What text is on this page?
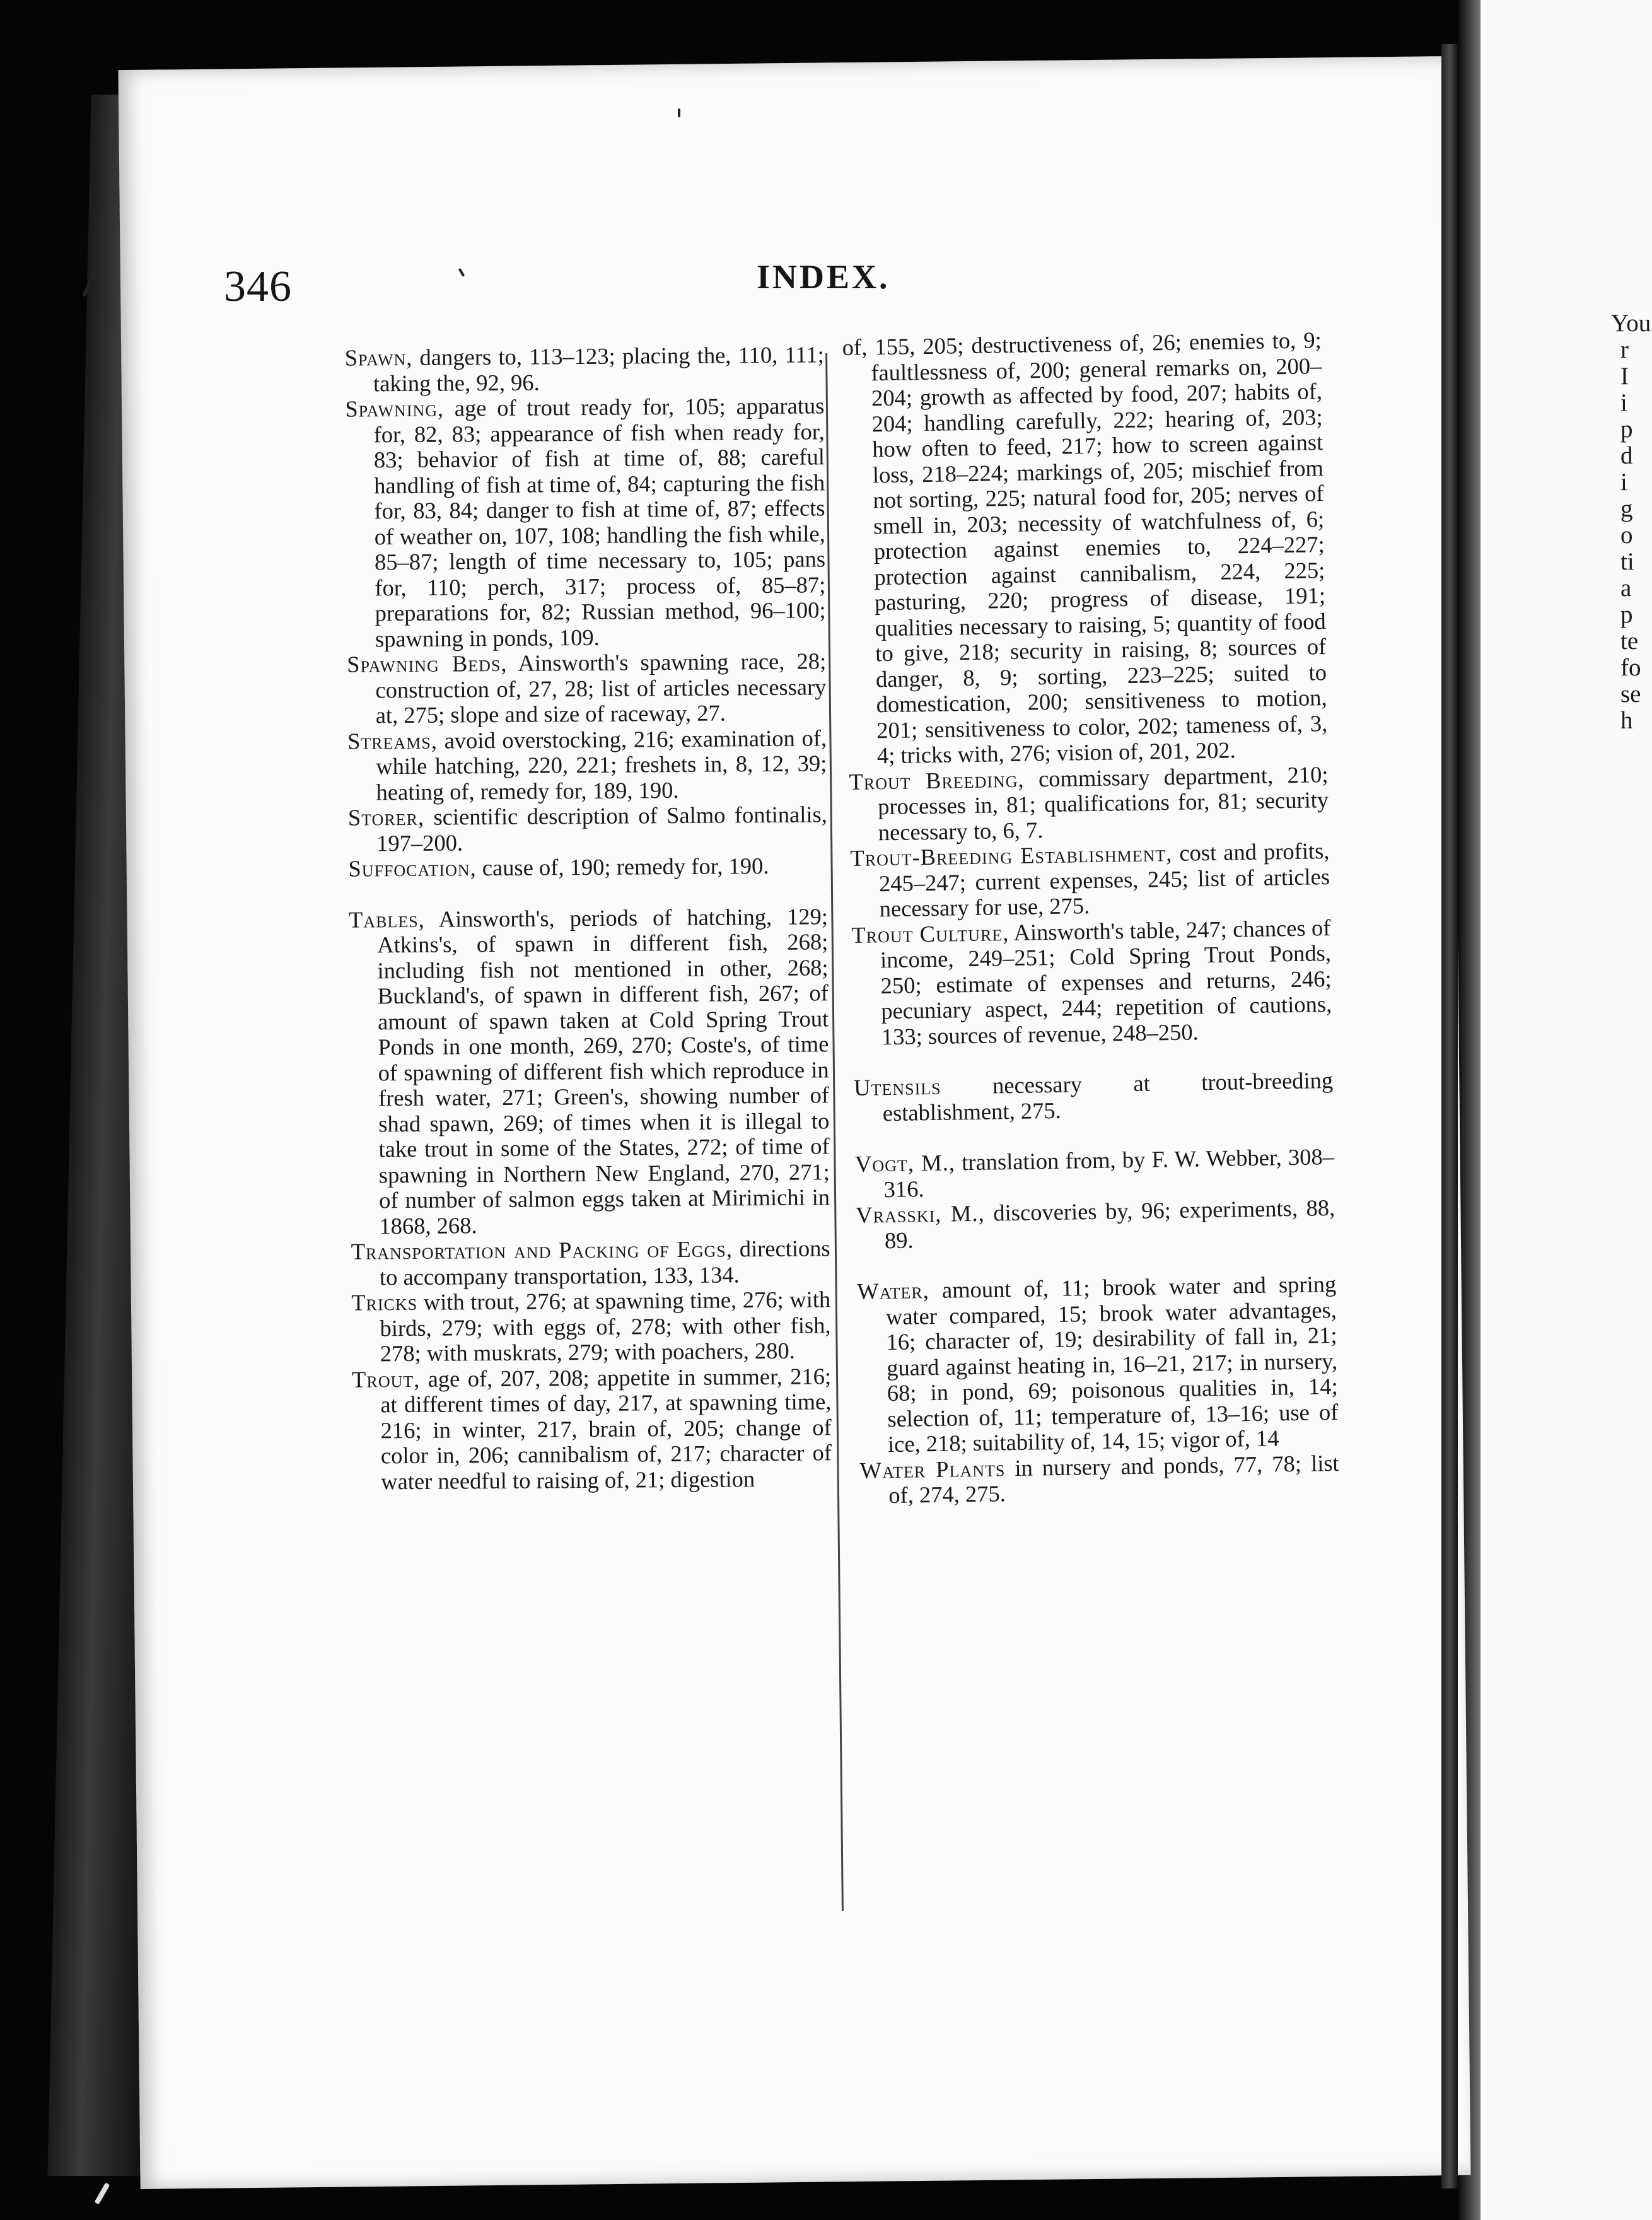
346	INDEX.

Spawn, dangers to, 113–123; placing the, 110, 111; taking the, 92, 96.

Spawning, age of trout ready for, 105; apparatus for, 82, 83; appearance of fish when ready for, 83; behavior of fish at time of, 88; careful handling of fish at time of, 84; capturing the fish for, 83, 84; danger to fish at time of, 87; effects of weather on, 107, 108; handling the fish while, 85–87; length of time necessary to, 105; pans for, 110; perch, 317; process of, 85–87; preparations for, 82; Russian method, 96–100; spawning in ponds, 109.

Spawning Beds, Ainsworth's spawning race, 28; construction of, 27, 28; list of articles necessary at, 275; slope and size of raceway, 27.

Streams, avoid overstocking, 216; examination of, while hatching, 220, 221; freshets in, 8, 12, 39; heating of, remedy for, 189, 190.

Storer, scientific description of Salmo fontinalis, 197–200.

Suffocation, cause of, 190; remedy for, 190.

Tables, Ainsworth's, periods of hatching, 129; Atkins's, of spawn in different fish, 268; including fish not mentioned in other, 268; Buckland's, of spawn in different fish, 267; of amount of spawn taken at Cold Spring Trout Ponds in one month, 269, 270; Coste's, of time of spawning of different fish which reproduce in fresh water, 271; Green's, showing number of shad spawn, 269; of times when it is illegal to take trout in some of the States, 272; of time of spawning in Northern New England, 270, 271; of number of salmon eggs taken at Mirimichi in 1868, 268.

Transportation and Packing of Eggs, directions to accompany transportation, 133, 134.

Tricks with trout, 276; at spawning time, 276; with birds, 279; with eggs of, 278; with other fish, 278; with muskrats, 279; with poachers, 280.

Trout, age of, 207, 208; appetite in summer, 216; at different times of day, 217, at spawning time, 216; in winter, 217, brain of, 205; change of color in, 206; cannibalism of, 217; character of water needful to raising of, 21; digestion

of, 155, 205; destructiveness of, 26; enemies to, 9; faultlessness of, 200; general remarks on, 200–204; growth as affected by food, 207; habits of, 204; handling carefully, 222; hearing of, 203; how often to feed, 217; how to screen against loss, 218–224; markings of, 205; mischief from not sorting, 225; natural food for, 205; nerves of smell in, 203; necessity of watchfulness of, 6; protection against enemies to, 224–227; protection against cannibalism, 224, 225; pasturing, 220; progress of disease, 191; qualities necessary to raising, 5; quantity of food to give, 218; security in raising, 8; sources of danger, 8, 9; sorting, 223–225; suited to domestication, 200; sensitiveness to motion, 201; sensitiveness to color, 202; tameness of, 3, 4; tricks with, 276; vision of, 201, 202.

Trout Breeding, commissary department, 210; processes in, 81; qualifications for, 81; security necessary to, 6, 7.

Trout-Breeding Establishment, cost and profits, 245–247; current expenses, 245; list of articles necessary for use, 275.

Trout Culture, Ainsworth's table, 247; chances of income, 249–251; Cold Spring Trout Ponds, 250; estimate of expenses and returns, 246; pecuniary aspect, 244; repetition of cautions, 133; sources of revenue, 248–250.

Utensils necessary at trout-breeding establishment, 275.

Vogt, M., translation from, by F. W. Webber, 308–316.

Vrasski, M., discoveries by, 96; experiments, 88, 89.

Water, amount of, 11; brook water and spring water compared, 15; brook water advantages, 16; character of, 19; desirability of fall in, 21; guard against heating in, 16–21, 217; in nursery, 68; in pond, 69; poisonous qualities in, 14; selection of, 11; temperature of, 13–16; use of ice, 218; suitability of, 14, 15; vigor of, 14

Water Plants in nursery and ponds, 77, 78; list of, 274, 275.

You
r
I
i
p
d
i
g
o
ti
a
p
te
fo
se
h
